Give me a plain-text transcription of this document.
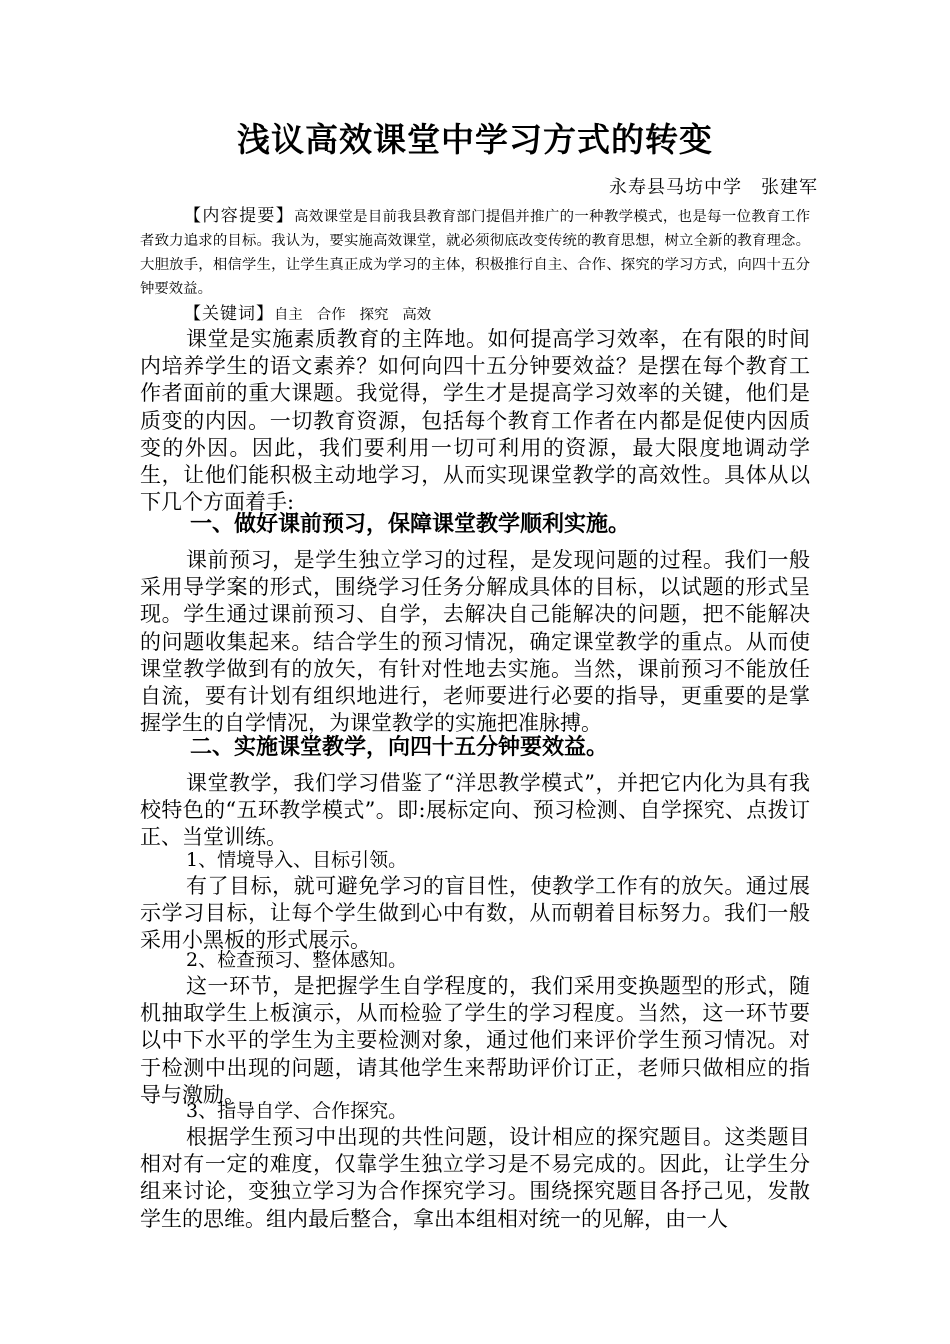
浅议高效课堂中学习方式的转变
永寿县马坊中学　张建军

【内容提要】高效课堂是目前我县教育部门提倡并推广的一种教学模式，也是每一位教育工作者致力追求的目标。我认为，要实施高效课堂，就必须彻底改变传统的教育思想，树立全新的教育理念。大胆放手，相信学生，让学生真正成为学习的主体，积极推行自主、合作、探究的学习方式，向四十五分钟要效益。

【关键词】自主 合作 探究 高效

课堂是实施素质教育的主阵地。如何提高学习效率，在有限的时间内培养学生的语文素养？如何向四十五分钟要效益？是摆在每个教育工作者面前的重大课题。我觉得，学生才是提高学习效率的关键，他们是质变的内因。一切教育资源，包括每个教育工作者在内都是促使内因质变的外因。因此，我们要利用一切可利用的资源，最大限度地调动学生，让他们能积极主动地学习，从而实现课堂教学的高效性。具体从以下几个方面着手:

一、做好课前预习，保障课堂教学顺利实施。

课前预习，是学生独立学习的过程，是发现问题的过程。我们一般采用导学案的形式，围绕学习任务分解成具体的目标，以试题的形式呈现。学生通过课前预习、自学，去解决自己能解决的问题，把不能解决的问题收集起来。结合学生的预习情况，确定课堂教学的重点。从而使课堂教学做到有的放矢，有针对性地去实施。当然，课前预习不能放任自流，要有计划有组织地进行，老师要进行必要的指导，更重要的是掌握学生的自学情况，为课堂教学的实施把准脉搏。

二、实施课堂教学，向四十五分钟要效益。

课堂教学，我们学习借鉴了“洋思教学模式”，并把它内化为具有我校特色的“五环教学模式”。即:展标定向、预习检测、自学探究、点拨订正、当堂训练。

1、情境导入、目标引领。

有了目标，就可避免学习的盲目性，使教学工作有的放矢。通过展示学习目标，让每个学生做到心中有数，从而朝着目标努力。我们一般采用小黑板的形式展示。

2、检查预习、整体感知。

这一环节，是把握学生自学程度的，我们采用变换题型的形式，随机抽取学生上板演示，从而检验了学生的学习程度。当然，这一环节要以中下水平的学生为主要检测对象，通过他们来评价学生预习情况。对于检测中出现的问题，请其他学生来帮助评价订正，老师只做相应的指导与激励。

3、指导自学、合作探究。

根据学生预习中出现的共性问题，设计相应的探究题目。这类题目相对有一定的难度，仅靠学生独立学习是不易完成的。因此，让学生分组来讨论，变独立学习为合作探究学习。围绕探究题目各抒己见，发散学生的思维。组内最后整合，拿出本组相对统一的见解，由一人
